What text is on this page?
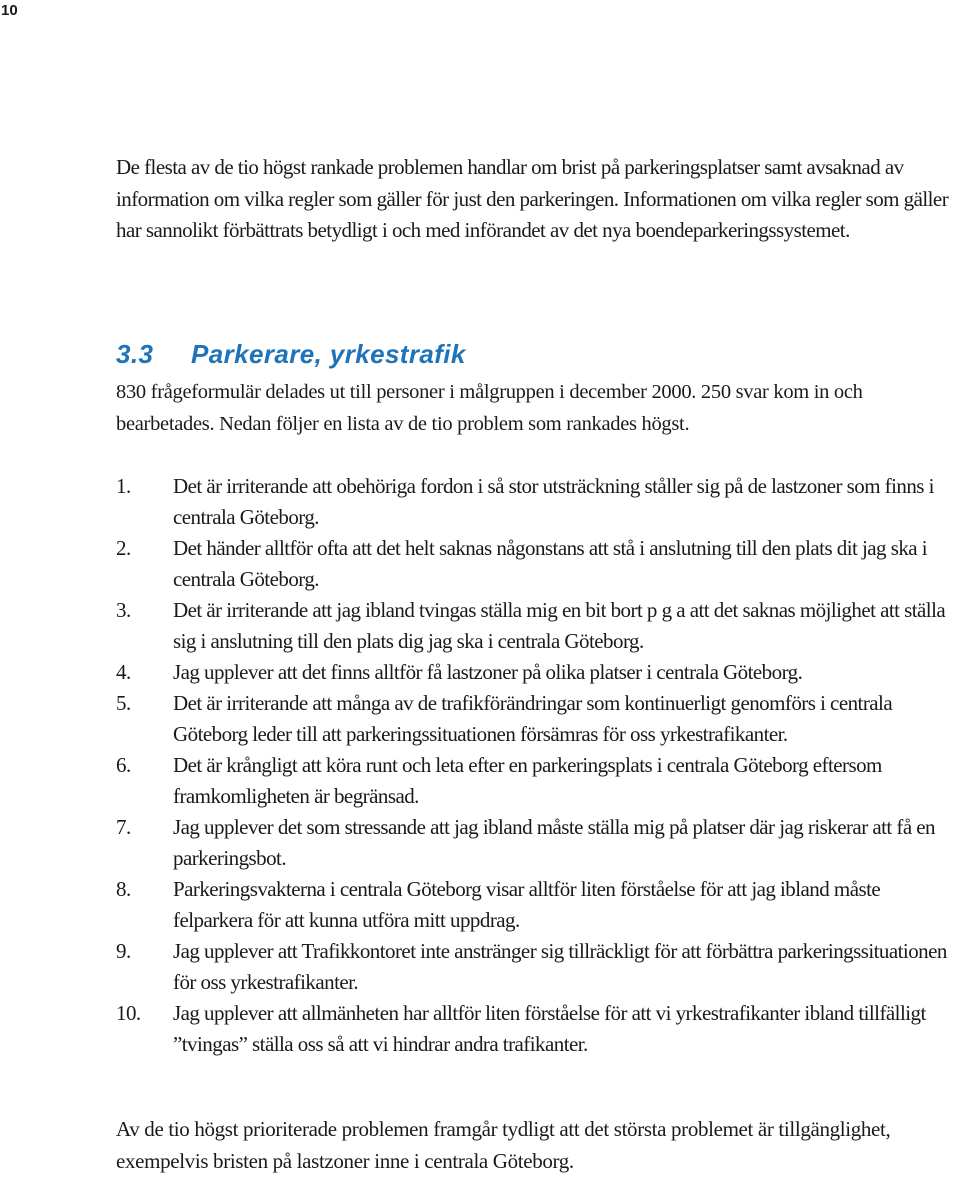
10

De flesta av de tio högst rankade problemen handlar om brist på parkeringsplatser samt avsaknad av information om vilka regler som gäller för just den parkeringen. Informationen om vilka regler som gäller har sannolikt förbättrats betydligt i och med införandet av det nya boendeparkeringssystemet.

3.3 Parkerare, yrkestrafik

830 frågeformulär delades ut till personer i målgruppen i december 2000. 250 svar kom in och bearbetades. Nedan följer en lista av de tio problem som rankades högst.

1.	Det är irriterande att obehöriga fordon i så stor utsträckning ståller sig på de lastzoner som finns i centrala Göteborg.
2.	Det händer alltför ofta att det helt saknas någonstans att stå i anslutning till den plats dit jag ska i centrala Göteborg.
3.	Det är irriterande att jag ibland tvingas ställa mig en bit bort p g a att det saknas möjlighet att ställa sig i anslutning till den plats dig jag ska i centrala Göteborg.
4.	Jag upplever att det finns alltför få lastzoner på olika platser i centrala Göteborg.
5.	Det är irriterande att många av de trafikförändringar som kontinuerligt genomförs i centrala Göteborg leder till att parkeringssituationen försämras för oss yrkestrafikanter.
6.	Det är krångligt att köra runt och leta efter en parkeringsplats i centrala Göteborg eftersom framkomligheten är begränsad.
7.	Jag upplever det som stressande att jag ibland måste ställa mig på platser där jag riskerar att få en parkeringsbot.
8.	Parkeringsvakterna i centrala Göteborg visar alltför liten förståelse för att jag ibland måste felparkera för att kunna utföra mitt uppdrag.
9.	Jag upplever att Trafikkontoret inte anstränger sig tillräckligt för att förbättra parkeringssituationen för oss yrkestrafikanter.
10.	Jag upplever att allmänheten har alltför liten förståelse för att vi yrkestrafikanter ibland tillfälligt ”tvingas” ställa oss så att vi hindrar andra trafikanter.

Av de tio högst prioriterade problemen framgår tydligt att det största problemet är tillgänglighet, exempelvis bristen på lastzoner inne i centrala Göteborg.
